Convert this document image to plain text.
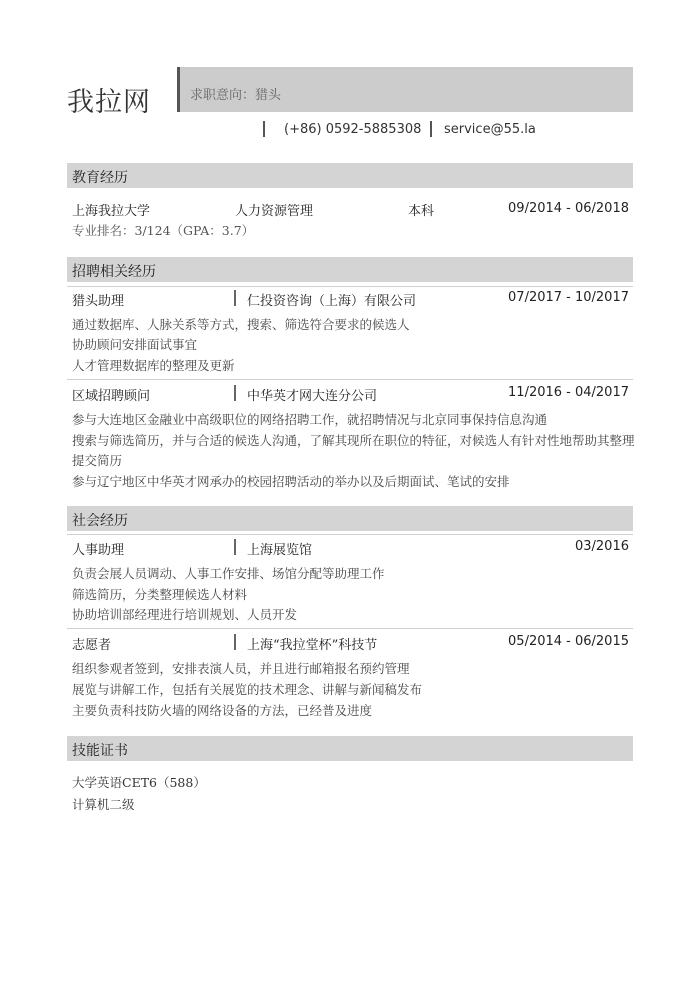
我拉网	求职意向：猎头
(+86) 0592-5885308 service@55.la
教育经历
上海我拉大学	人力资源管理	本科	09/2014 - 06/2018
专业排名：3/124（GPA：3.7）
招聘相关经历
猎头助理	仁投资咨询（上海）有限公司	07/2017 - 10/2017
通过数据库、人脉关系等方式，搜索、筛选符合要求的候选人
协助顾问安排面试事宜
人才管理数据库的整理及更新
区域招聘顾问	中华英才网大连分公司	11/2016 - 04/2017
参与大连地区金融业中高级职位的网络招聘工作，就招聘情况与北京同事保持信息沟通
搜索与筛选简历，并与合适的候选人沟通，了解其现所在职位的特征，对候选人有针对性地帮助其整理
提交简历
参与辽宁地区中华英才网承办的校园招聘活动的举办以及后期面试、笔试的安排
社会经历
人事助理	上海展览馆	03/2016
负责会展人员调动、人事工作安排、场馆分配等助理工作
筛选简历，分类整理候选人材料
协助培训部经理进行培训规划、人员开发
志愿者	上海“我拉堂杯”科技节	05/2014 - 06/2015
组织参观者签到，安排表演人员，并且进行邮箱报名预约管理
展览与讲解工作，包括有关展览的技术理念、讲解与新闻稿发布
主要负责科技防火墙的网络设备的方法，已经普及进度
技能证书
大学英语CET6（588）
计算机二级
